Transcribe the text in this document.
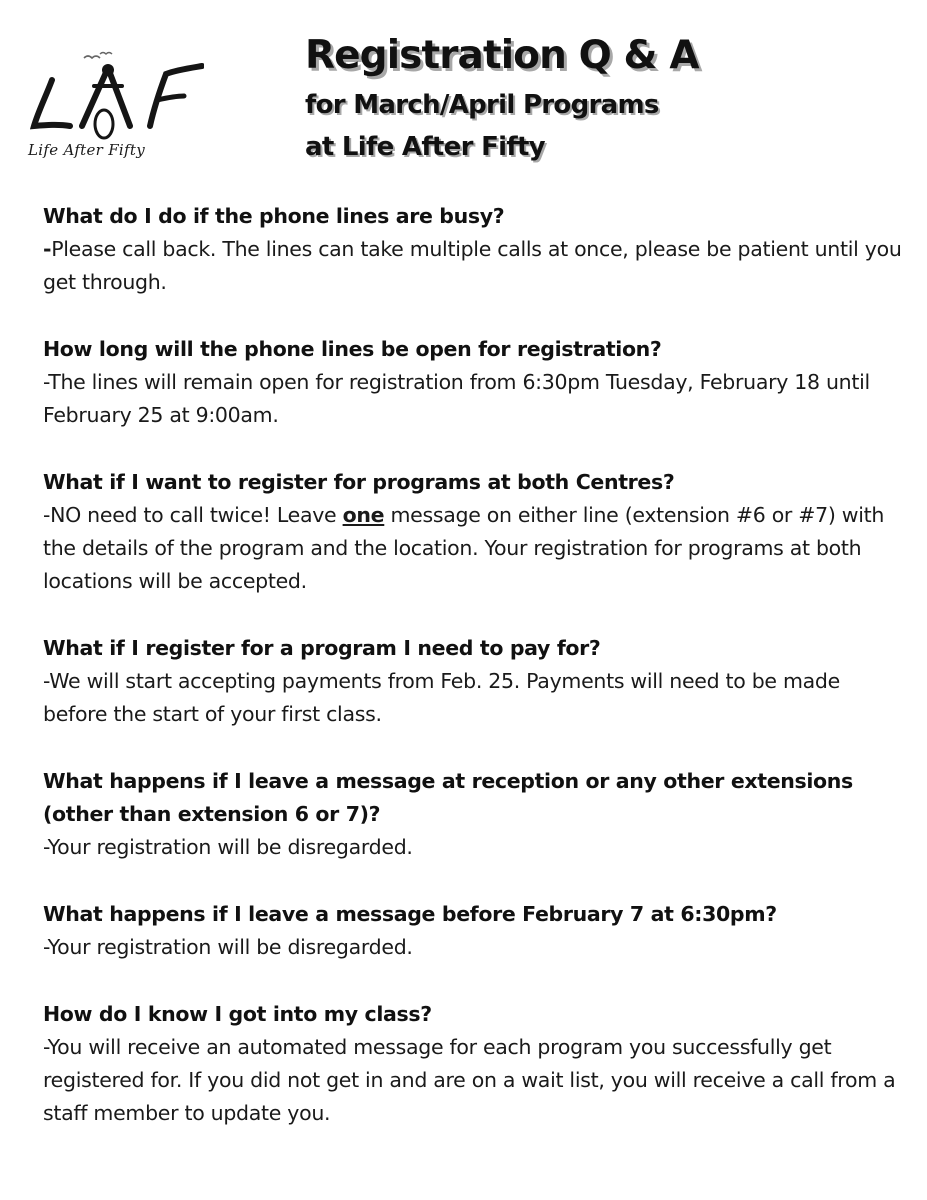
Life After Fifty
Registration Q & A
for March/April Programs
at Life After Fifty
What do I do if the phone lines are busy?
-Please call back. The lines can take multiple calls at once, please be patient until you get through.
How long will the phone lines be open for registration?
-The lines will remain open for registration from 6:30pm Tuesday, February 18 until February 25 at 9:00am.
What if I want to register for programs at both Centres?
-NO need to call twice! Leave one message on either line (extension #6 or #7) with the details of the program and the location. Your registration for programs at both locations will be accepted.
What if I register for a program I need to pay for?
-We will start accepting payments from Feb. 25. Payments will need to be made before the start of your first class.
What happens if I leave a message at reception or any other extensions (other than extension 6 or 7)?
-Your registration will be disregarded.
What happens if I leave a message before February 7 at 6:30pm?
-Your registration will be disregarded.
How do I know I got into my class?
-You will receive an automated message for each program you successfully get registered for. If you did not get in and are on a wait list, you will receive a call from a staff member to update you.
